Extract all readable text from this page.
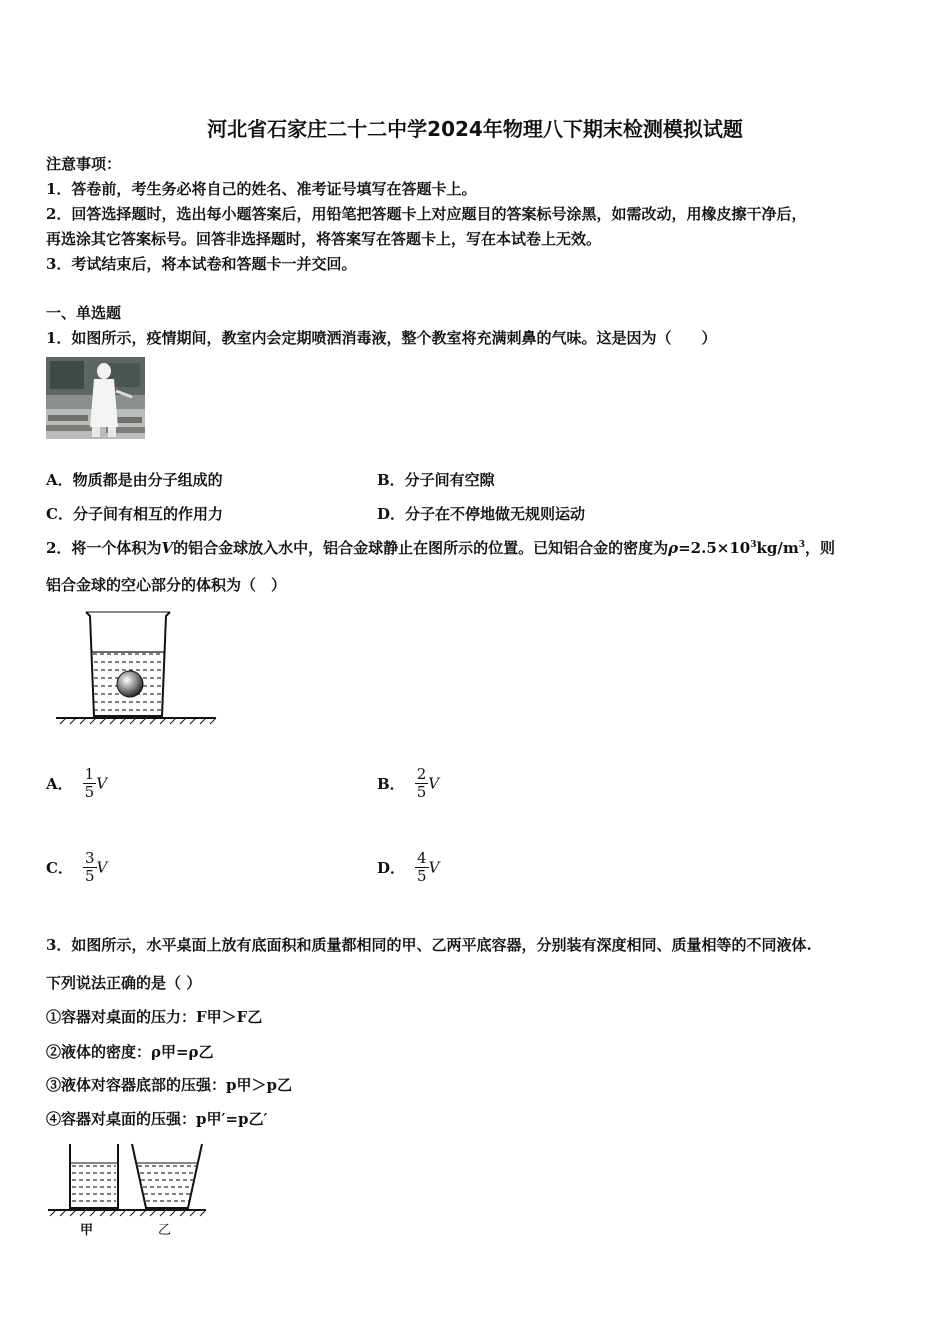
河北省石家庄二十二中学2024年物理八下期末检测模拟试题
注意事项：
1．答卷前，考生务必将自己的姓名、准考证号填写在答题卡上。
2．回答选择题时，选出每小题答案后，用铅笔把答题卡上对应题目的答案标号涂黑，如需改动，用橡皮擦干净后，
再选涂其它答案标号。回答非选择题时，将答案写在答题卡上，写在本试卷上无效。
3．考试结束后，将本试卷和答题卡一并交回。
一、单选题
1．如图所示，疫情期间，教室内会定期喷洒消毒液，整个教室将充满刺鼻的气味。这是因为（　　）
A．物质都是由分子组成的	B．分子间有空隙
C．分子间有相互的作用力	D．分子在不停地做无规则运动
2．将一个体积为V的铝合金球放入水中，铝合金球静止在图所示的位置。已知铝合金的密度为$\rho=2.5\times 10^3kg/m^3$，则
铝合金球的空心部分的体积为（　）
A． $\frac{1}{5}$ V	B． $\frac{2}{5}$ V
C． $\frac{3}{5}$ V	D． $\frac{4}{5}$ V
3．如图所示，水平桌面上放有底面积和质量都相同的甲、乙两平底容器，分别装有深度相同、质量相等的不同液体.
下列说法正确的是（ ）
①容器对桌面的压力：F甲＞F乙
②液体的密度：ρ甲=ρ乙
③液体对容器底部的压强：p甲＞p乙
④容器对桌面的压强：p甲′=p乙′
甲	乙
